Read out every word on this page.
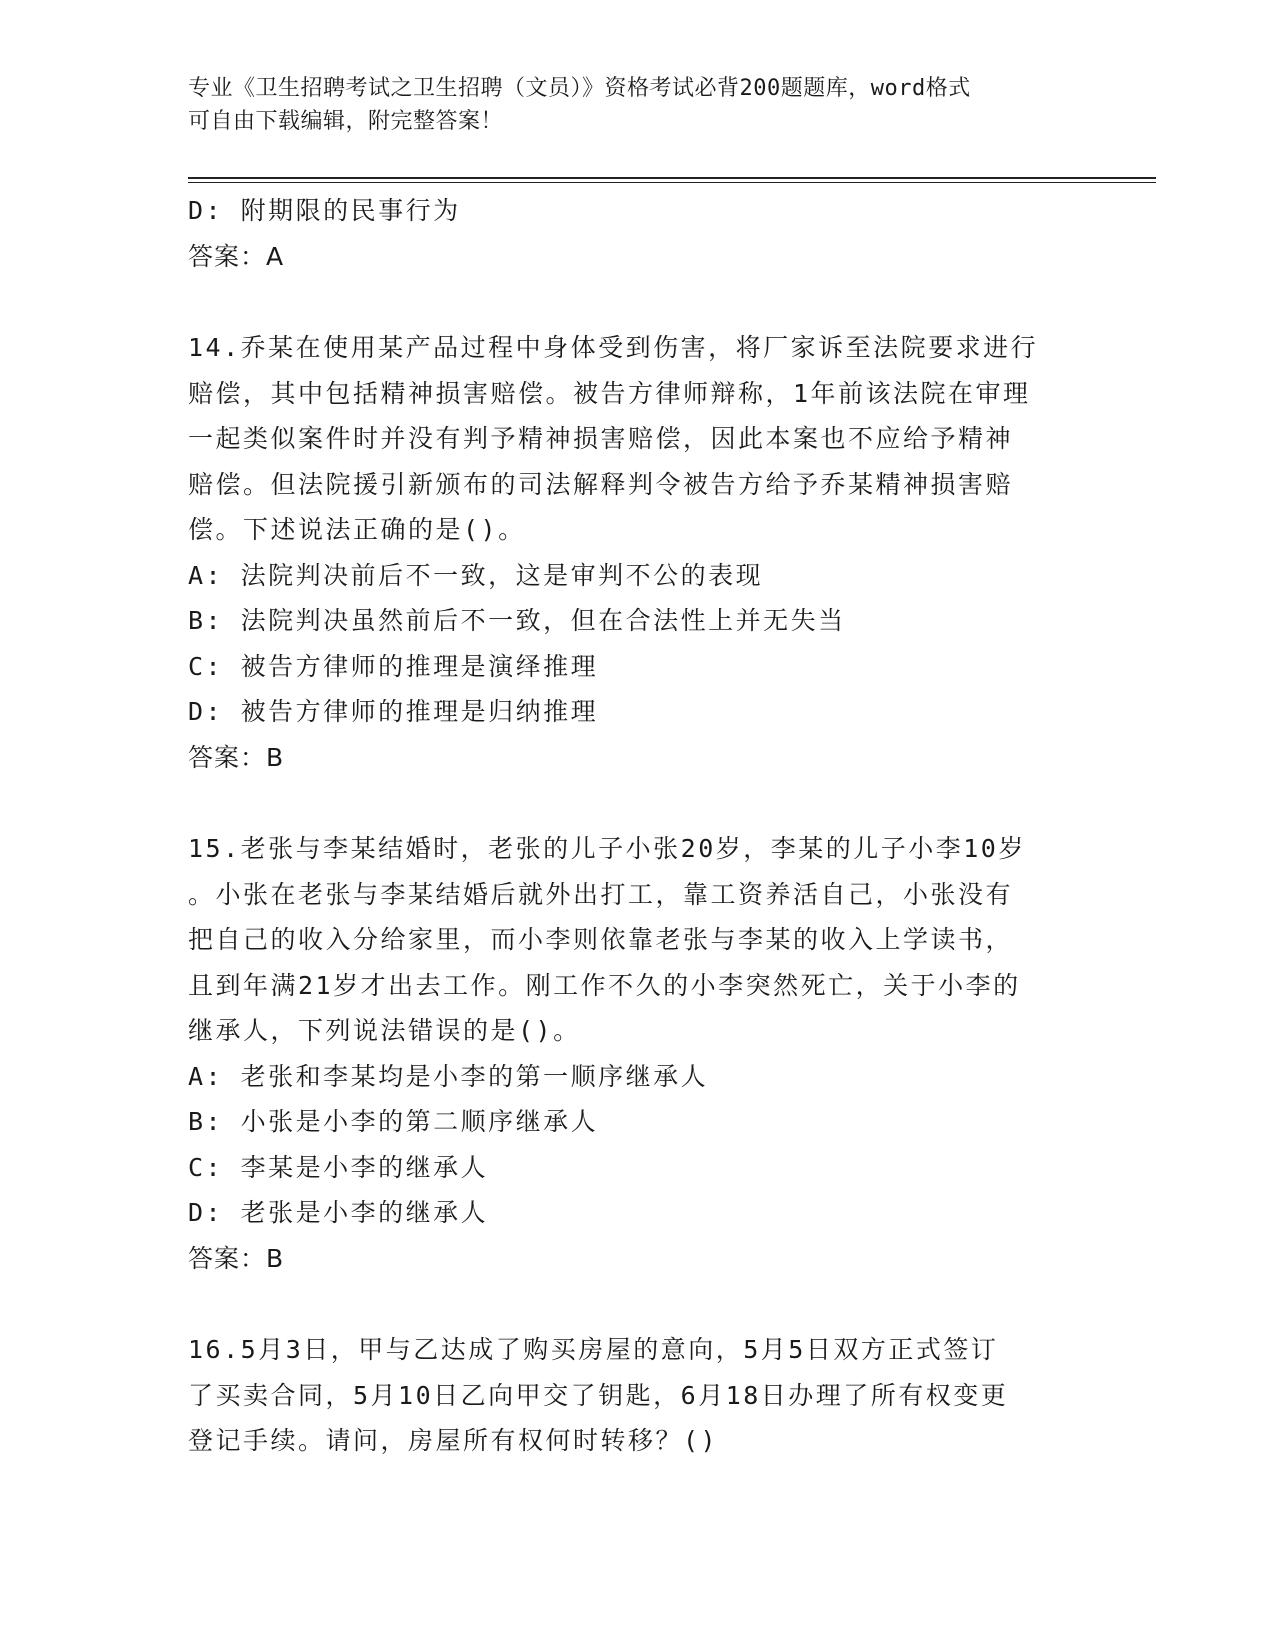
专业《卫生招聘考试之卫生招聘（文员）》资格考试必背200题题库，word格式
可自由下载编辑，附完整答案！
D: 附期限的民事行为
答案：A
14.乔某在使用某产品过程中身体受到伤害，将厂家诉至法院要求进行
赔偿，其中包括精神损害赔偿。被告方律师辩称，1年前该法院在审理
一起类似案件时并没有判予精神损害赔偿，因此本案也不应给予精神
赔偿。但法院援引新颁布的司法解释判令被告方给予乔某精神损害赔
偿。下述说法正确的是()。
A: 法院判决前后不一致，这是审判不公的表现
B: 法院判决虽然前后不一致，但在合法性上并无失当
C: 被告方律师的推理是演绎推理
D: 被告方律师的推理是归纳推理
答案：B
15.老张与李某结婚时，老张的儿子小张20岁，李某的儿子小李10岁
。小张在老张与李某结婚后就外出打工，靠工资养活自己，小张没有
把自己的收入分给家里，而小李则依靠老张与李某的收入上学读书，
且到年满21岁才出去工作。刚工作不久的小李突然死亡，关于小李的
继承人，下列说法错误的是()。
A: 老张和李某均是小李的第一顺序继承人
B: 小张是小李的第二顺序继承人
C: 李某是小李的继承人
D: 老张是小李的继承人
答案：B
16.5月3日，甲与乙达成了购买房屋的意向，5月5日双方正式签订
了买卖合同，5月10日乙向甲交了钥匙，6月18日办理了所有权变更
登记手续。请问，房屋所有权何时转移？()
